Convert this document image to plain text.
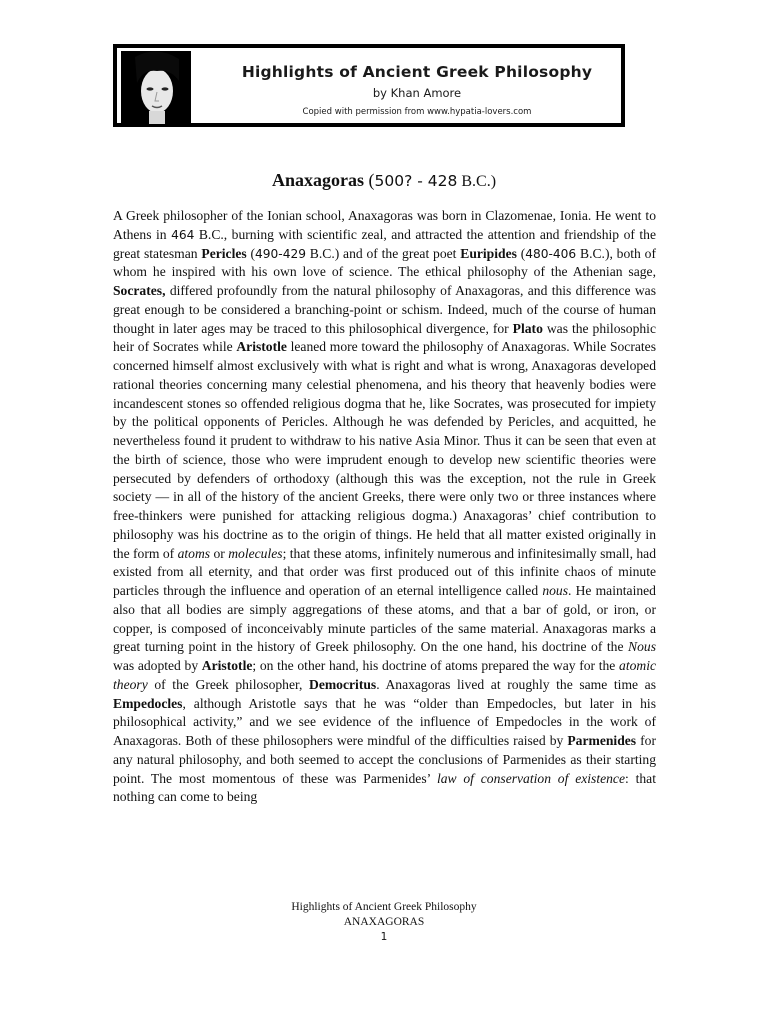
Highlights of Ancient Greek Philosophy
by Khan Amore
Copied with permission from www.hypatia-lovers.com
Anaxagoras (500? - 428 B.C.)

A Greek philosopher of the Ionian school, Anaxagoras was born in Clazomenae, Ionia. He went to Athens in 464 B.C., burning with scientific zeal, and attracted the attention and friendship of the great statesman Pericles (490-429 B.C.) and of the great poet Euripides (480-406 B.C.), both of whom he inspired with his own love of science. The ethical philosophy of the Athenian sage, Socrates, differed profoundly from the natural philosophy of Anaxagoras, and this difference was great enough to be considered a branching-point or schism. Indeed, much of the course of human thought in later ages may be traced to this philosophical divergence, for Plato was the philosophic heir of Socrates while Aristotle leaned more toward the philosophy of Anaxagoras. While Socrates concerned himself almost exclusively with what is right and what is wrong, Anaxagoras developed rational theories concerning many celestial phenomena, and his theory that heavenly bodies were incandescent stones so offended religious dogma that he, like Socrates, was prosecuted for impiety by the political opponents of Pericles. Although he was defended by Pericles, and acquitted, he nevertheless found it prudent to withdraw to his native Asia Minor. Thus it can be seen that even at the birth of science, those who were imprudent enough to develop new scientific theories were persecuted by defenders of orthodoxy (although this was the exception, not the rule in Greek society — in all of the history of the ancient Greeks, there were only two or three instances where free-thinkers were punished for attacking religious dogma.) Anaxagoras’ chief contribution to philosophy was his doctrine as to the origin of things. He held that all matter existed originally in the form of atoms or molecules; that these atoms, infinitely numerous and infinitesimally small, had existed from all eternity, and that order was first produced out of this infinite chaos of minute particles through the influence and operation of an eternal intelligence called nous. He maintained also that all bodies are simply aggregations of these atoms, and that a bar of gold, or iron, or copper, is composed of inconceivably minute particles of the same material. Anaxagoras marks a great turning point in the history of Greek philosophy. On the one hand, his doctrine of the Nous was adopted by Aristotle; on the other hand, his doctrine of atoms prepared the way for the atomic theory of the Greek philosopher, Democritus. Anaxagoras lived at roughly the same time as Empedocles, although Aristotle says that he was “older than Empedocles, but later in his philosophical activity,” and we see evidence of the influence of Empedocles in the work of Anaxagoras. Both of these philosophers were mindful of the difficulties raised by Parmenides for any natural philosophy, and both seemed to accept the conclusions of Parmenides as their starting point. The most momentous of these was Parmenides’ law of conservation of existence: that nothing can come to being

Highlights of Ancient Greek Philosophy
ANAXAGORAS
1
